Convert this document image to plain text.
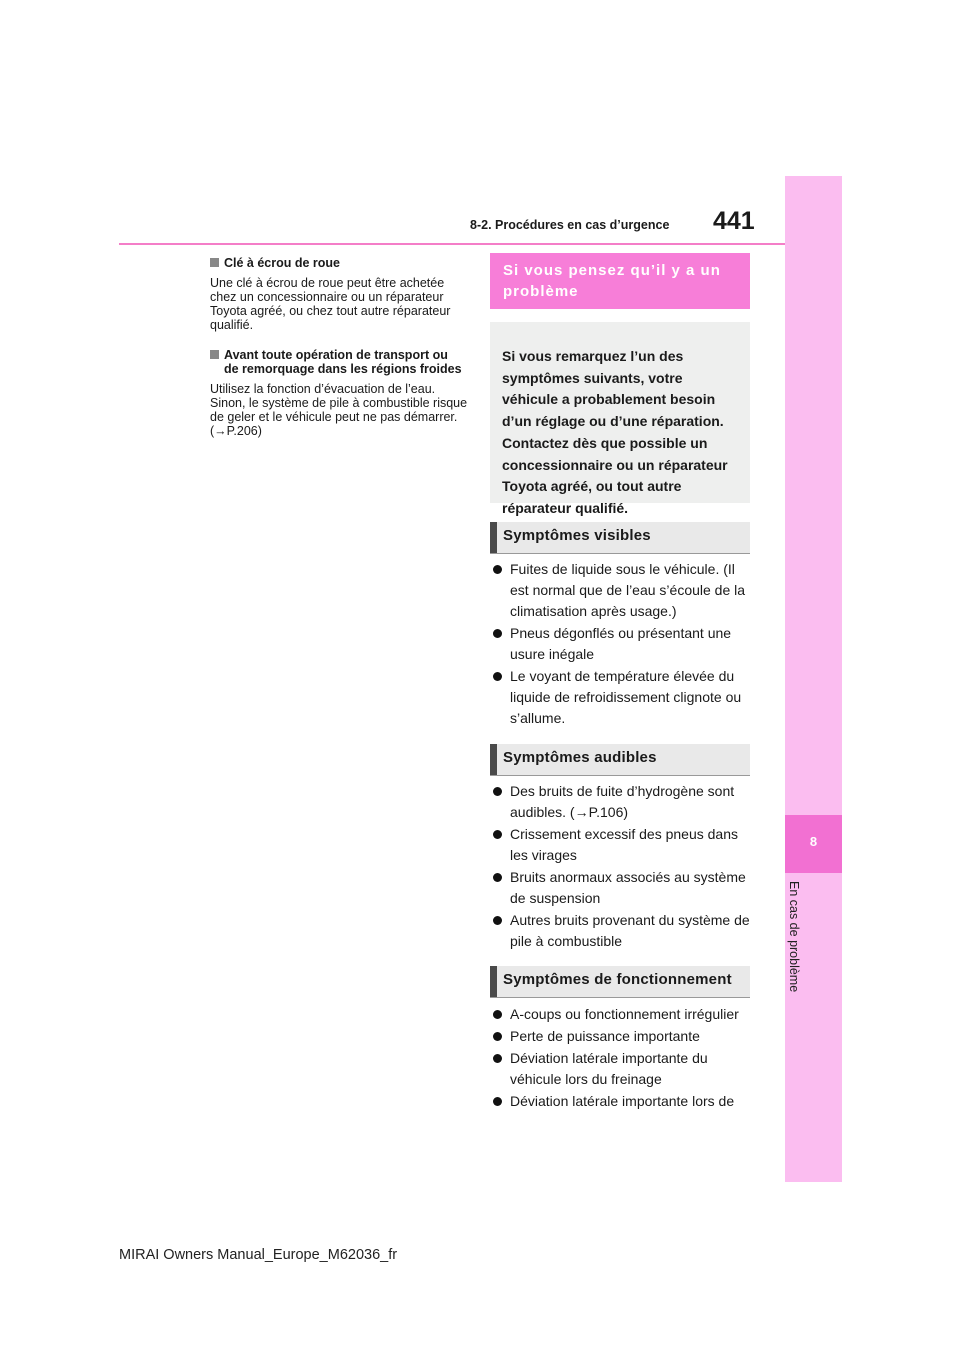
8-2. Procédures en cas d’urgence 441
8
En cas de problème
Clé à écrou de roue
Une clé à écrou de roue peut être achetée chez un concessionnaire ou un réparateur Toyota agréé, ou chez tout autre réparateur qualifié.
Avant toute opération de transport ou
de remorquage dans les régions froides
Utilisez la fonction d’évacuation de l’eau. Sinon, le système de pile à combustible risque de geler et le véhicule peut ne pas démarrer. (→P.206)
Si vous pensez qu’il y a un problème
Si vous remarquez l’un des symptômes suivants, votre véhicule a probablement besoin d’un réglage ou d’une réparation. Contactez dès que possible un concessionnaire ou un réparateur Toyota agréé, ou tout autre réparateur qualifié.
Symptômes visibles
Fuites de liquide sous le véhicule. (Il est normal que de l’eau s’écoule de la climatisation après usage.)
Pneus dégonflés ou présentant une usure inégale
Le voyant de température élevée du liquide de refroidissement clignote ou s’allume.
Symptômes audibles
Des bruits de fuite d’hydrogène sont audibles. (→P.106)
Crissement excessif des pneus dans les virages
Bruits anormaux associés au système de suspension
Autres bruits provenant du système de pile à combustible
Symptômes de fonctionnement
A-coups ou fonctionnement irrégulier
Perte de puissance importante
Déviation latérale importante du véhicule lors du freinage
Déviation latérale importante lors de
MIRAI Owners Manual_Europe_M62036_fr
